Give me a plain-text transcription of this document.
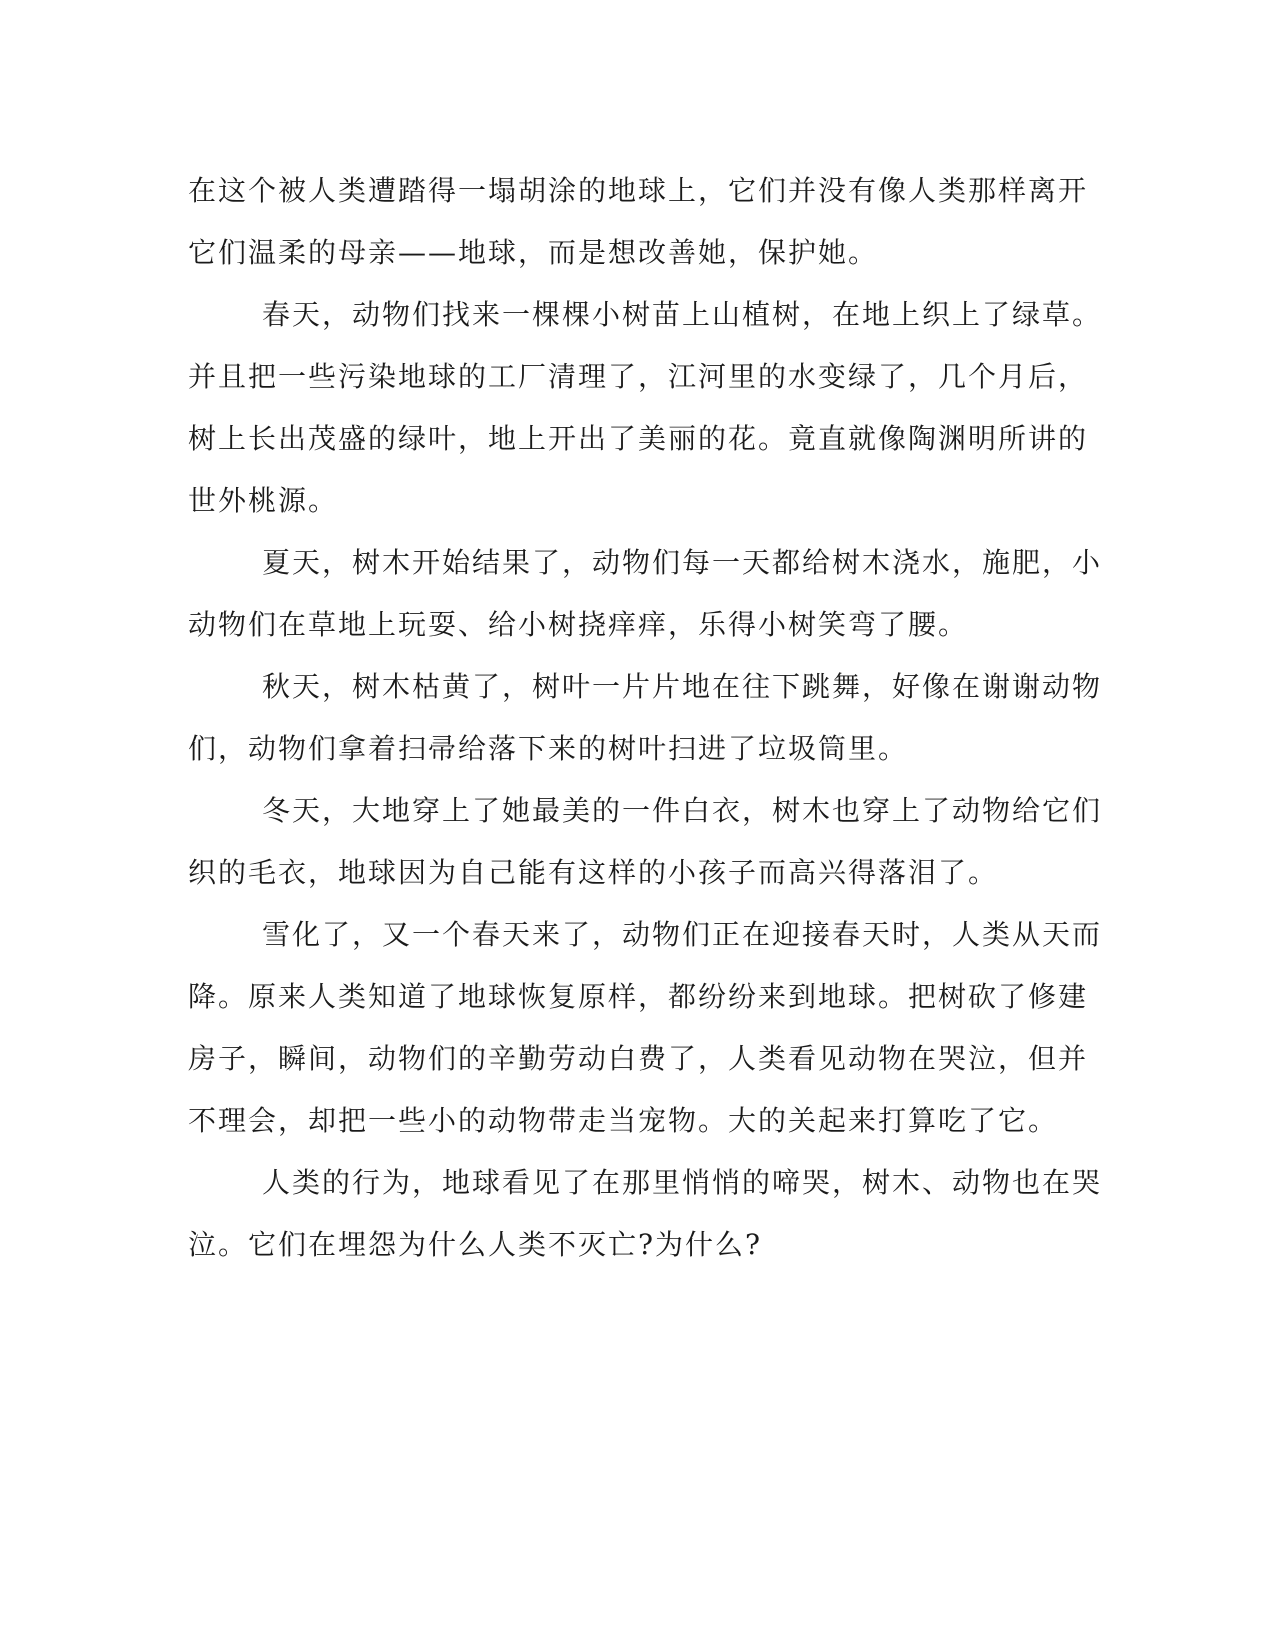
在这个被人类遭踏得一塌胡涂的地球上，它们并没有像人类那样离开
它们温柔的母亲——地球，而是想改善她，保护她。
春天，动物们找来一棵棵小树苗上山植树，在地上织上了绿草。
并且把一些污染地球的工厂清理了，江河里的水变绿了，几个月后，
树上长出茂盛的绿叶，地上开出了美丽的花。竟直就像陶渊明所讲的
世外桃源。
夏天，树木开始结果了，动物们每一天都给树木浇水，施肥，小
动物们在草地上玩耍、给小树挠痒痒，乐得小树笑弯了腰。
秋天，树木枯黄了，树叶一片片地在往下跳舞，好像在谢谢动物
们，动物们拿着扫帚给落下来的树叶扫进了垃圾筒里。
冬天，大地穿上了她最美的一件白衣，树木也穿上了动物给它们
织的毛衣，地球因为自己能有这样的小孩子而高兴得落泪了。
雪化了，又一个春天来了，动物们正在迎接春天时，人类从天而
降。原来人类知道了地球恢复原样，都纷纷来到地球。把树砍了修建
房子，瞬间，动物们的辛勤劳动白费了，人类看见动物在哭泣，但并
不理会，却把一些小的动物带走当宠物。大的关起来打算吃了它。
人类的行为，地球看见了在那里悄悄的啼哭，树木、动物也在哭
泣。它们在埋怨为什么人类不灭亡?为什么?
